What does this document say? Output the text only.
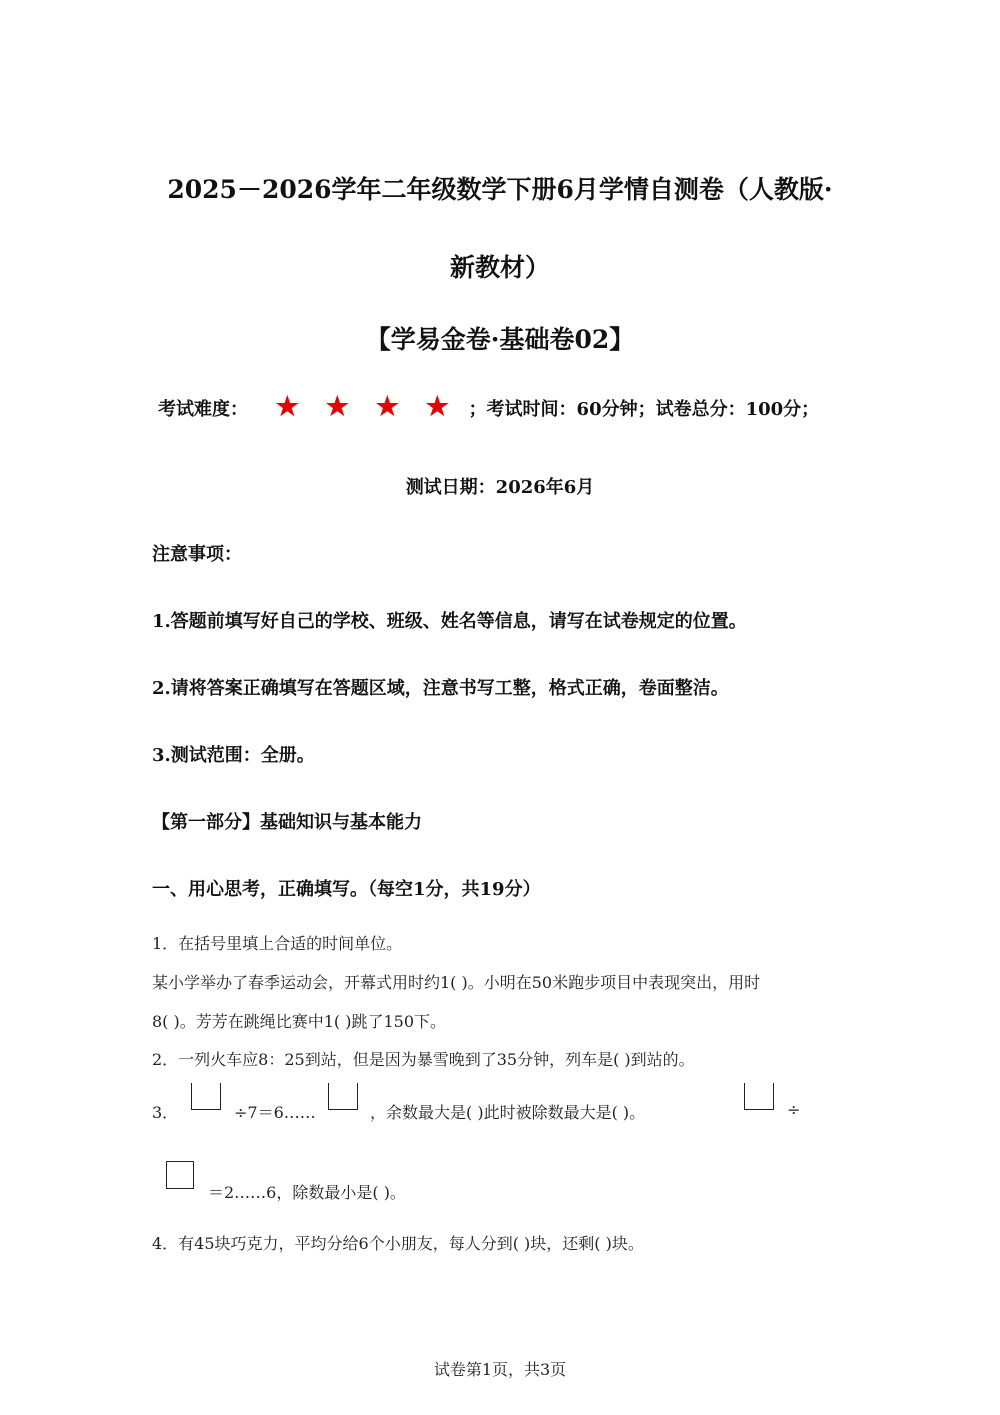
2025－2026学年二年级数学下册6月学情自测卷（人教版·
新教材）
【学易金卷·基础卷02】
考试难度： ★ ★ ★ ★ ；考试时间：60分钟；试卷总分：100分；
测试日期：2026年6月
注意事项：
1.答题前填写好自己的学校、班级、姓名等信息，请写在试卷规定的位置。
2.请将答案正确填写在答题区域，注意书写工整，格式正确，卷面整洁。
3.测试范围：全册。
【第一部分】基础知识与基本能力
一、用心思考，正确填写。（每空1分，共19分）
1．在括号里填上合适的时间单位。
某小学举办了春季运动会，开幕式用时约1( )。小明在50米跑步项目中表现突出，用时
8( )。芳芳在跳绳比赛中1( )跳了150下。
2．一列火车应8：25到站，但是因为暴雪晚到了35分钟，列车是( )到站的。
3．	÷7＝6……	，余数最大是( )此时被除数最大是( )。	÷
＝2……6，除数最小是( )。
4．有45块巧克力，平均分给6个小朋友，每人分到( )块，还剩( )块。
试卷第1页，共3页
